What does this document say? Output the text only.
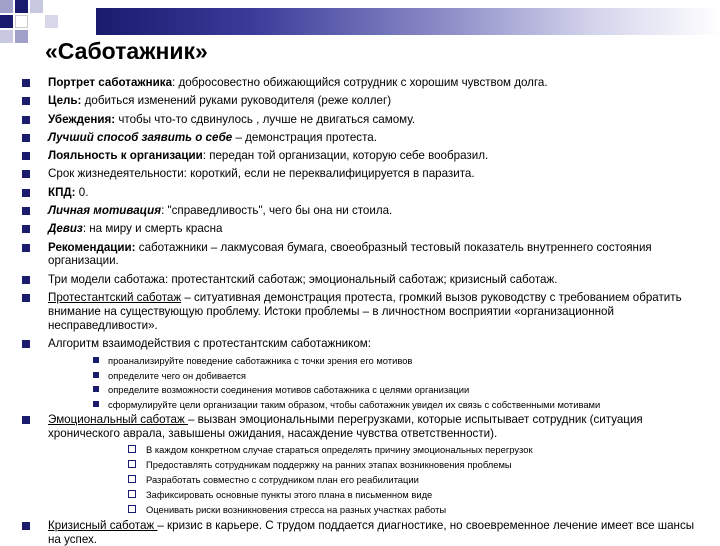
«Саботажник»
Портрет саботажника: добросовестно обижающийся сотрудник с хорошим чувством долга.
Цель: добиться изменений руками руководителя (реже коллег)
Убеждения: чтобы что-то сдвинулось , лучше не двигаться самому.
Лучший способ заявить о себе – демонстрация протеста.
Лояльность к организации: передан той организации, которую себе вообразил.
Срок жизнедеятельности: короткий, если не переквалифицируется в паразита.
КПД: 0.
Личная мотивация: "справедливость", чего бы она ни стоила.
Девиз: на миру и смерть красна
Рекомендации: саботажники – лакмусовая бумага, своеобразный тестовый показатель внутреннего состояния организации.
Три модели саботажа: протестантский саботаж; эмоциональный саботаж; кризисный саботаж.
Протестантский саботаж – ситуативная демонстрация протеста, громкий вызов руководству с требованием обратить внимание на существующую проблему. Истоки проблемы – в личностном восприятии «организационной несправедливости».
Алгоритм взаимодействия с протестантским саботажником:
проанализируйте поведение саботажника с точки зрения его мотивов
определите чего он добивается
определите возможности соединения мотивов саботажника с целями организации
сформулируйте цели организации таким образом, чтобы саботажник увидел их связь с собственными мотивами
Эмоциональный саботаж – вызван эмоциональными перегрузками, которые испытывает сотрудник (ситуация хронического аврала, завышены ожидания, насаждение чувства ответственности).
В каждом конкретном случае стараться определять причину эмоциональных перегрузок
Предоставлять сотрудникам поддержку на ранних этапах возникновения проблемы
Разработать совместно с сотрудником план его реабилитации
Зафиксировать основные пункты этого плана в письменном виде
Оценивать риски возникновения стресса на разных участках работы
Кризисный саботаж – кризис в карьере. С трудом поддается диагностике, но своевременное лечение имеет все шансы на успех.
